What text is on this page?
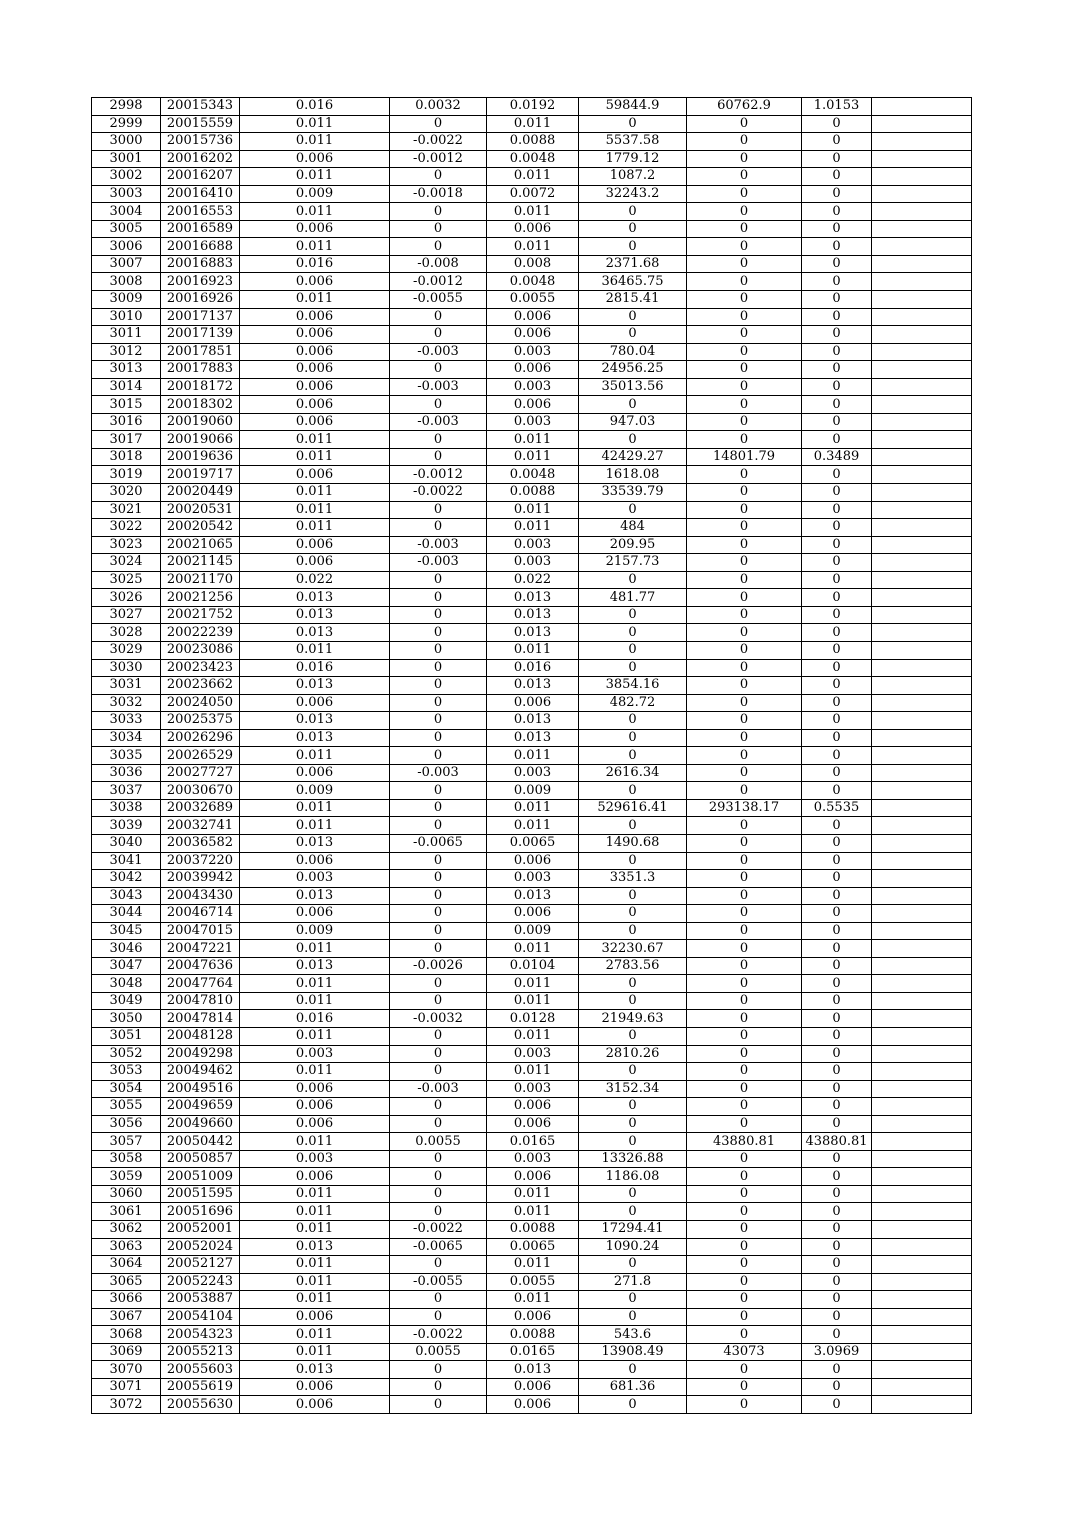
2998	20015343	0.016	0.0032	0.0192	59844.9	60762.9	1.0153	
2999	20015559	0.011	0	0.011	0	0	0	
3000	20015736	0.011	-0.0022	0.0088	5537.58	0	0	
3001	20016202	0.006	-0.0012	0.0048	1779.12	0	0	
3002	20016207	0.011	0	0.011	1087.2	0	0	
3003	20016410	0.009	-0.0018	0.0072	32243.2	0	0	
3004	20016553	0.011	0	0.011	0	0	0	
3005	20016589	0.006	0	0.006	0	0	0	
3006	20016688	0.011	0	0.011	0	0	0	
3007	20016883	0.016	-0.008	0.008	2371.68	0	0	
3008	20016923	0.006	-0.0012	0.0048	36465.75	0	0	
3009	20016926	0.011	-0.0055	0.0055	2815.41	0	0	
3010	20017137	0.006	0	0.006	0	0	0	
3011	20017139	0.006	0	0.006	0	0	0	
3012	20017851	0.006	-0.003	0.003	780.04	0	0	
3013	20017883	0.006	0	0.006	24956.25	0	0	
3014	20018172	0.006	-0.003	0.003	35013.56	0	0	
3015	20018302	0.006	0	0.006	0	0	0	
3016	20019060	0.006	-0.003	0.003	947.03	0	0	
3017	20019066	0.011	0	0.011	0	0	0	
3018	20019636	0.011	0	0.011	42429.27	14801.79	0.3489	
3019	20019717	0.006	-0.0012	0.0048	1618.08	0	0	
3020	20020449	0.011	-0.0022	0.0088	33539.79	0	0	
3021	20020531	0.011	0	0.011	0	0	0	
3022	20020542	0.011	0	0.011	484	0	0	
3023	20021065	0.006	-0.003	0.003	209.95	0	0	
3024	20021145	0.006	-0.003	0.003	2157.73	0	0	
3025	20021170	0.022	0	0.022	0	0	0	
3026	20021256	0.013	0	0.013	481.77	0	0	
3027	20021752	0.013	0	0.013	0	0	0	
3028	20022239	0.013	0	0.013	0	0	0	
3029	20023086	0.011	0	0.011	0	0	0	
3030	20023423	0.016	0	0.016	0	0	0	
3031	20023662	0.013	0	0.013	3854.16	0	0	
3032	20024050	0.006	0	0.006	482.72	0	0	
3033	20025375	0.013	0	0.013	0	0	0	
3034	20026296	0.013	0	0.013	0	0	0	
3035	20026529	0.011	0	0.011	0	0	0	
3036	20027727	0.006	-0.003	0.003	2616.34	0	0	
3037	20030670	0.009	0	0.009	0	0	0	
3038	20032689	0.011	0	0.011	529616.41	293138.17	0.5535	
3039	20032741	0.011	0	0.011	0	0	0	
3040	20036582	0.013	-0.0065	0.0065	1490.68	0	0	
3041	20037220	0.006	0	0.006	0	0	0	
3042	20039942	0.003	0	0.003	3351.3	0	0	
3043	20043430	0.013	0	0.013	0	0	0	
3044	20046714	0.006	0	0.006	0	0	0	
3045	20047015	0.009	0	0.009	0	0	0	
3046	20047221	0.011	0	0.011	32230.67	0	0	
3047	20047636	0.013	-0.0026	0.0104	2783.56	0	0	
3048	20047764	0.011	0	0.011	0	0	0	
3049	20047810	0.011	0	0.011	0	0	0	
3050	20047814	0.016	-0.0032	0.0128	21949.63	0	0	
3051	20048128	0.011	0	0.011	0	0	0	
3052	20049298	0.003	0	0.003	2810.26	0	0	
3053	20049462	0.011	0	0.011	0	0	0	
3054	20049516	0.006	-0.003	0.003	3152.34	0	0	
3055	20049659	0.006	0	0.006	0	0	0	
3056	20049660	0.006	0	0.006	0	0	0	
3057	20050442	0.011	0.0055	0.0165	0	43880.81	43880.81	
3058	20050857	0.003	0	0.003	13326.88	0	0	
3059	20051009	0.006	0	0.006	1186.08	0	0	
3060	20051595	0.011	0	0.011	0	0	0	
3061	20051696	0.011	0	0.011	0	0	0	
3062	20052001	0.011	-0.0022	0.0088	17294.41	0	0	
3063	20052024	0.013	-0.0065	0.0065	1090.24	0	0	
3064	20052127	0.011	0	0.011	0	0	0	
3065	20052243	0.011	-0.0055	0.0055	271.8	0	0	
3066	20053887	0.011	0	0.011	0	0	0	
3067	20054104	0.006	0	0.006	0	0	0	
3068	20054323	0.011	-0.0022	0.0088	543.6	0	0	
3069	20055213	0.011	0.0055	0.0165	13908.49	43073	3.0969	
3070	20055603	0.013	0	0.013	0	0	0	
3071	20055619	0.006	0	0.006	681.36	0	0	
3072	20055630	0.006	0	0.006	0	0	0	
